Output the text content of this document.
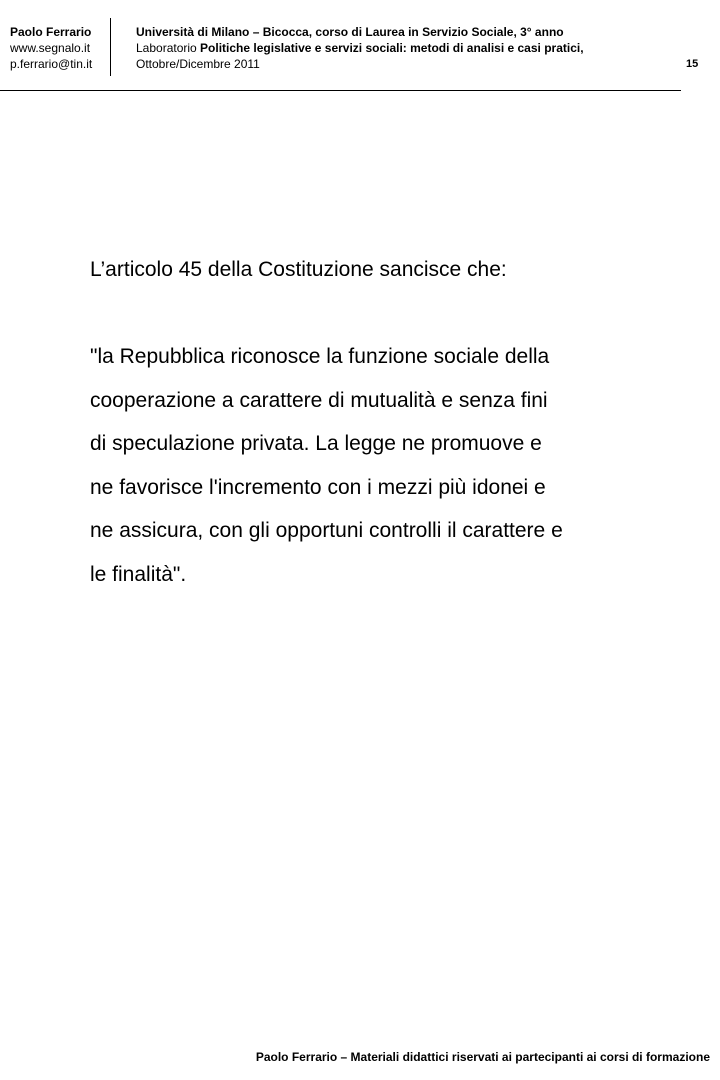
Paolo Ferrario
www.segnalo.it
p.ferrario@tin.it
Università di Milano – Bicocca, corso di Laurea in Servizio Sociale, 3° anno
Laboratorio Politiche legislative e servizi sociali: metodi di analisi e casi pratici,
Ottobre/Dicembre 2011	15
L’articolo 45 della Costituzione sancisce che:
"la Repubblica riconosce la funzione sociale della
cooperazione a carattere di mutualità e senza fini
di speculazione privata. La legge ne promuove e
ne favorisce l'incremento con i mezzi più idonei e
ne assicura, con gli opportuni controlli il carattere e
le finalità".
Paolo Ferrario – Materiali didattici riservati ai partecipanti ai corsi di formazione
